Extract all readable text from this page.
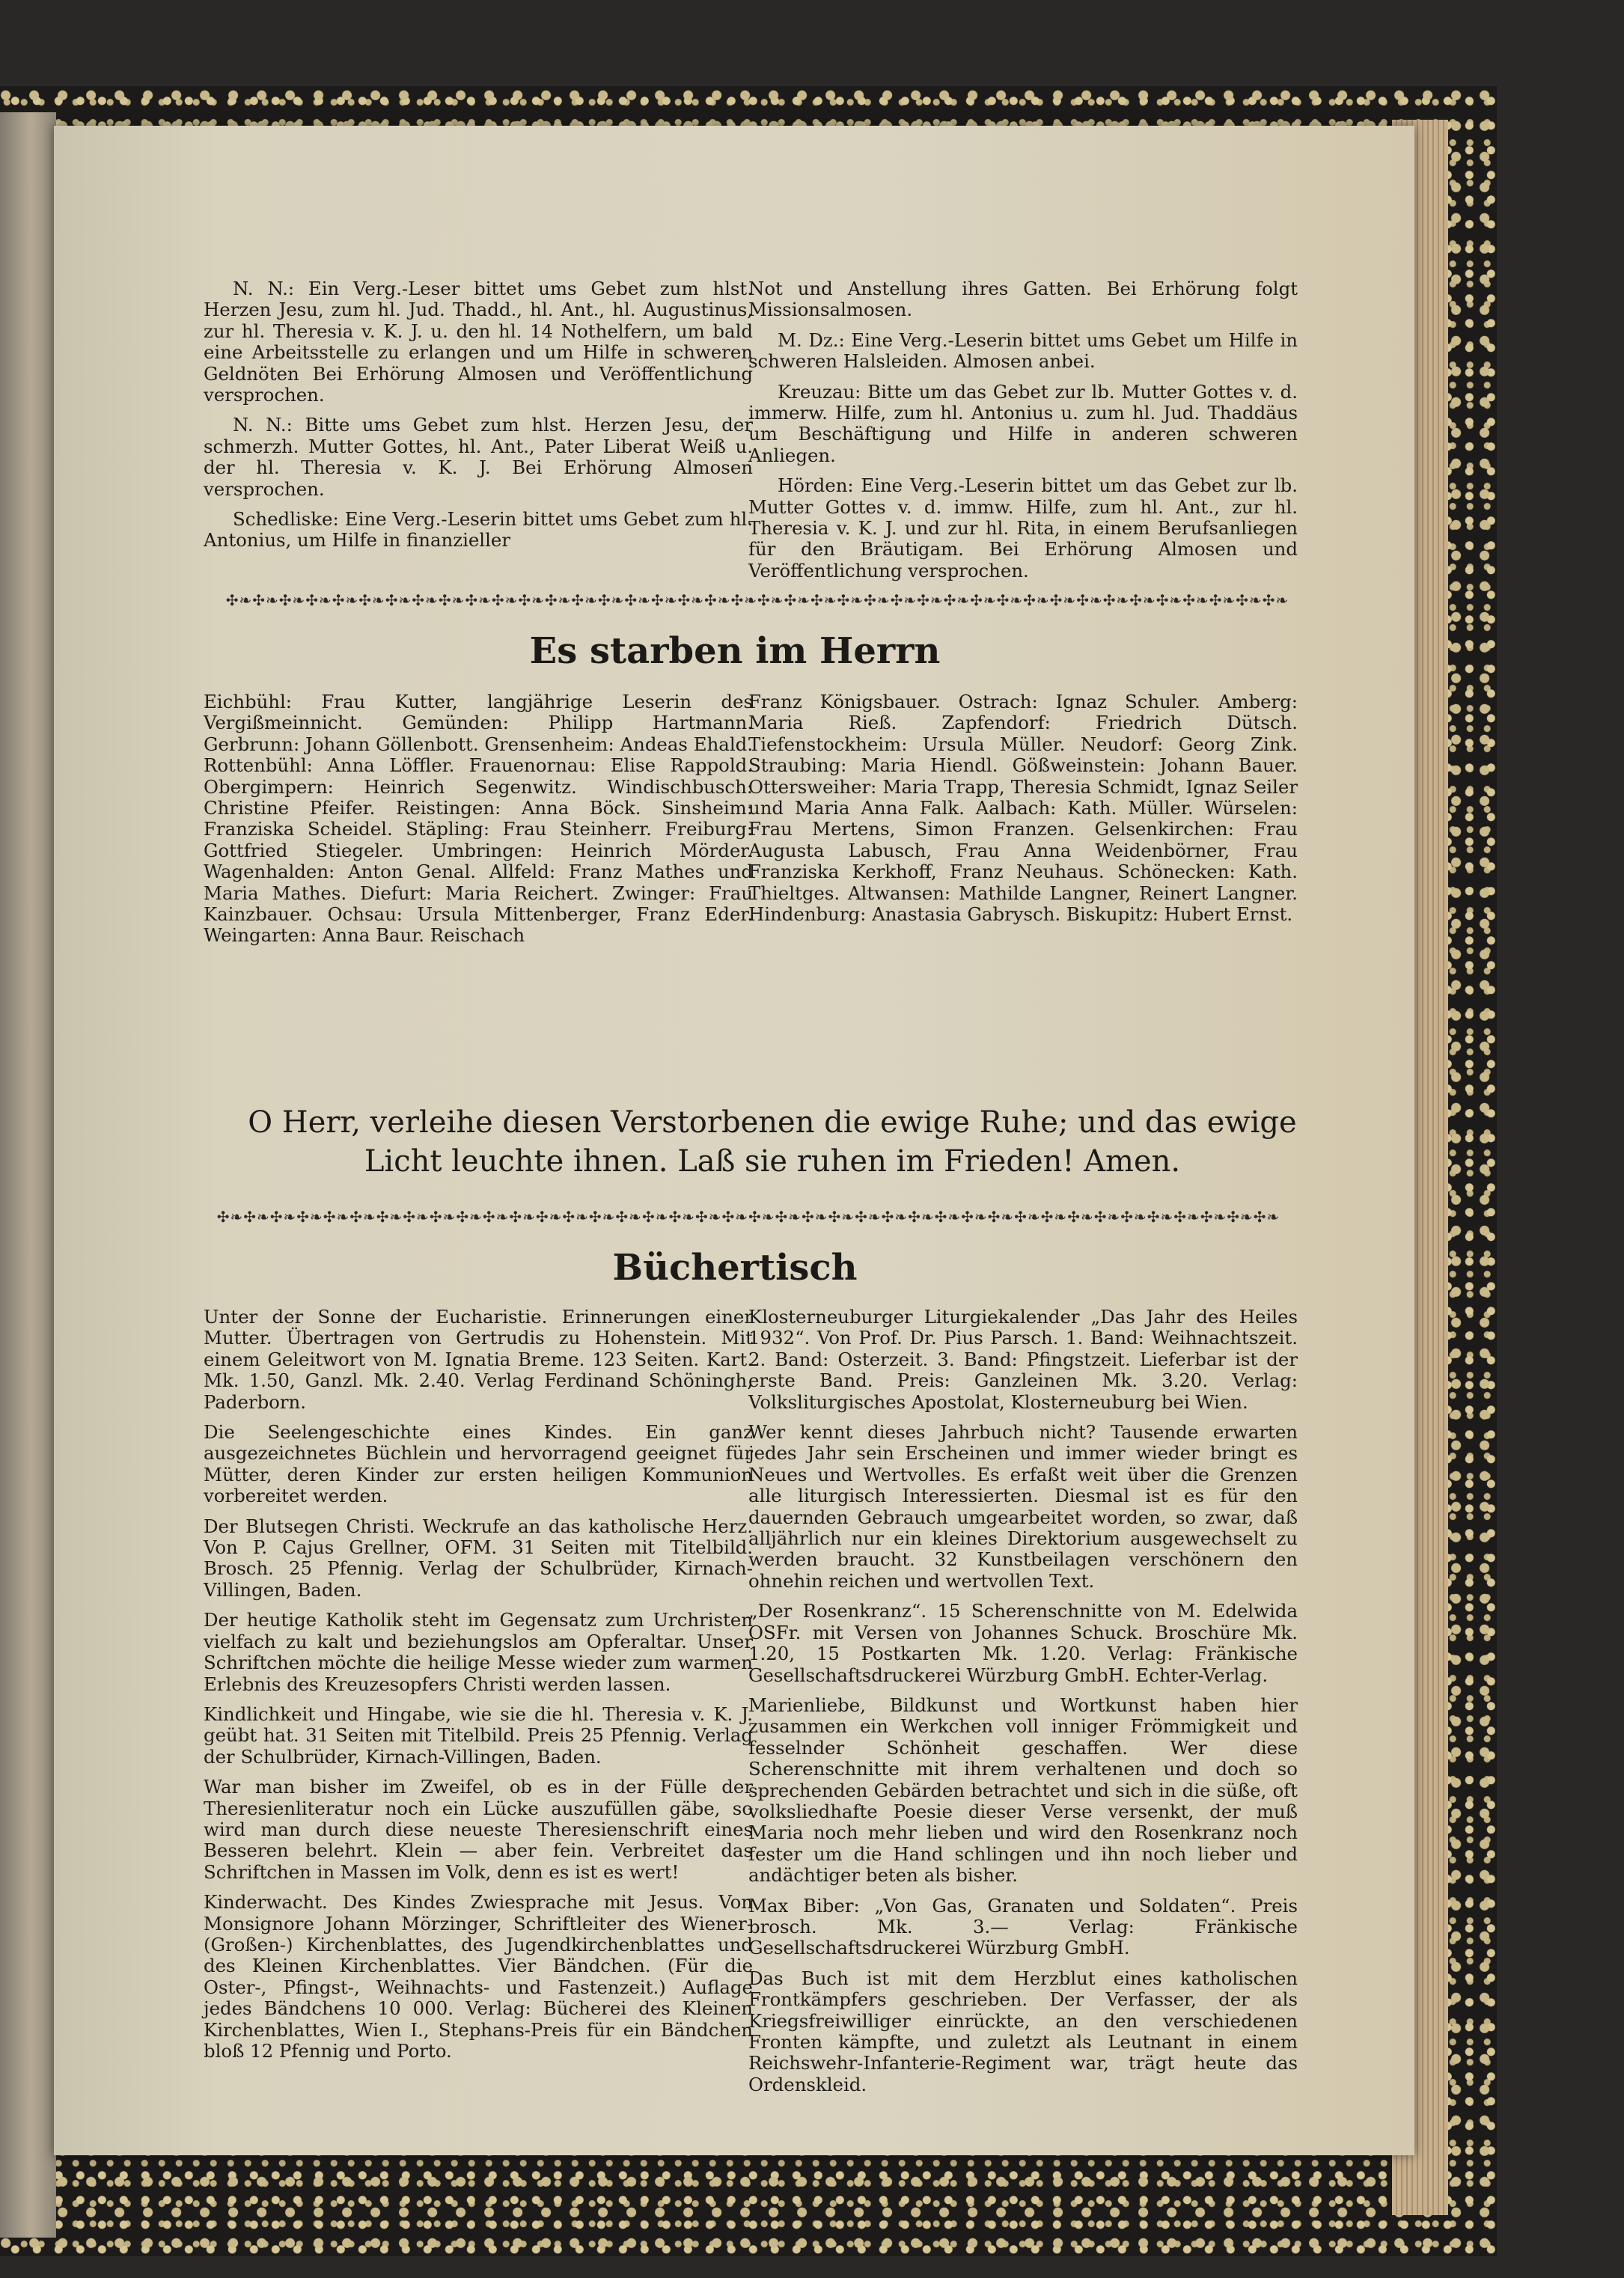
N. N.: Ein Verg.-Leser bittet ums Gebet zum hlst. Herzen Jesu, zum hl. Jud. Thadd., hl. Ant., hl. Augustinus, zur hl. Theresia v. K. J. u. den hl. 14 Nothelfern, um bald eine Arbeitsstelle zu erlangen und um Hilfe in schweren Geldnöten Bei Erhörung Almosen und Veröffentlichung versprochen.

N. N.: Bitte ums Gebet zum hlst. Herzen Jesu, der schmerzh. Mutter Gottes, hl. Ant., Pater Liberat Weiß u. der hl. Theresia v. K. J. Bei Erhörung Almosen versprochen.

Schedliske: Eine Verg.-Leserin bittet ums Gebet zum hl. Antonius, um Hilfe in finanzieller

Not und Anstellung ihres Gatten. Bei Erhörung folgt Missionsalmosen.

M. Dz.: Eine Verg.-Leserin bittet ums Gebet um Hilfe in schweren Halsleiden. Almosen anbei.

Kreuzau: Bitte um das Gebet zur lb. Mutter Gottes v. d. immerw. Hilfe, zum hl. Antonius u. zum hl. Jud. Thaddäus um Beschäftigung und Hilfe in anderen schweren Anliegen.

Hörden: Eine Verg.-Leserin bittet um das Gebet zur lb. Mutter Gottes v. d. immw. Hilfe, zum hl. Ant., zur hl. Theresia v. K. J. und zur hl. Rita, in einem Berufsanliegen für den Bräutigam. Bei Erhörung Almosen und Veröffentlichung versprochen.

✣❧✣❧✣❧✣❧✣❧✣❧✣❧✣❧✣❧✣❧✣❧✣❧✣❧✣❧✣❧✣❧✣❧✣❧✣❧✣❧✣❧✣❧✣❧✣❧✣❧✣❧✣❧✣❧✣❧✣❧✣❧✣❧✣❧✣❧✣❧✣❧✣❧✣❧✣❧✣❧
Es starben im Herrn

Eichbühl: Frau Kutter, langjährige Leserin des Vergißmeinnicht. Gemünden: Philipp Hartmann. Gerbrunn: Johann Göllenbott. Grensenheim: Andeas Ehald. Rottenbühl: Anna Löffler. Frauenornau: Elise Rappold. Obergimpern: Heinrich Segenwitz. Windischbusch: Christine Pfeifer. Reistingen: Anna Böck. Sinsheim: Franziska Scheidel. Stäpling: Frau Steinherr. Freiburg: Gottfried Stiegeler. Umbringen: Heinrich Mörder. Wagenhalden: Anton Genal. Allfeld: Franz Mathes und Maria Mathes. Diefurt: Maria Reichert. Zwinger: Frau Kainzbauer. Ochsau: Ursula Mittenberger, Franz Eder. Weingarten: Anna Baur. Reischach

Franz Königsbauer. Ostrach: Ignaz Schuler. Amberg: Maria Rieß. Zapfendorf: Friedrich Dütsch. Tiefenstockheim: Ursula Müller. Neudorf: Georg Zink. Straubing: Maria Hiendl. Gößweinstein: Johann Bauer. Ottersweiher: Maria Trapp, Theresia Schmidt, Ignaz Seiler und Maria Anna Falk. Aalbach: Kath. Müller. Würselen: Frau Mertens, Simon Franzen. Gelsenkirchen: Frau Augusta Labusch, Frau Anna Weidenbörner, Frau Franziska Kerkhoff, Franz Neuhaus. Schönecken: Kath. Thieltges. Altwansen: Mathilde Langner, Reinert Langner. Hindenburg: Anastasia Gabrysch. Biskupitz: Hubert Ernst.

O Herr, verleihe diesen Verstorbenen die ewige Ruhe; und das ewige Licht leuchte ihnen. Laß sie ruhen im Frieden! Amen.
✣❧✣❧✣❧✣❧✣❧✣❧✣❧✣❧✣❧✣❧✣❧✣❧✣❧✣❧✣❧✣❧✣❧✣❧✣❧✣❧✣❧✣❧✣❧✣❧✣❧✣❧✣❧✣❧✣❧✣❧✣❧✣❧✣❧✣❧✣❧✣❧✣❧✣❧✣❧✣❧
Büchertisch

Unter der Sonne der Eucharistie. Erinnerungen einer Mutter. Übertragen von Gertrudis zu Hohenstein. Mit einem Geleitwort von M. Ignatia Breme. 123 Seiten. Kart. Mk. 1.50, Ganzl. Mk. 2.40. Verlag Ferdinand Schöningh, Paderborn.

Die Seelengeschichte eines Kindes. Ein ganz ausgezeichnetes Büchlein und hervorragend geeignet für Mütter, deren Kinder zur ersten heiligen Kommunion vorbereitet werden.

Der Blutsegen Christi. Weckrufe an das katholische Herz. Von P. Cajus Grellner, OFM. 31 Seiten mit Titelbild. Brosch. 25 Pfennig. Verlag der Schulbrüder, Kirnach-Villingen, Baden.

Der heutige Katholik steht im Gegensatz zum Urchristen vielfach zu kalt und beziehungslos am Opferaltar. Unser Schriftchen möchte die heilige Messe wieder zum warmen Erlebnis des Kreuzesopfers Christi werden lassen.

Kindlichkeit und Hingabe, wie sie die hl. Theresia v. K. J. geübt hat. 31 Seiten mit Titelbild. Preis 25 Pfennig. Verlag der Schulbrüder, Kirnach-Villingen, Baden.

War man bisher im Zweifel, ob es in der Fülle der Theresienliteratur noch ein Lücke auszufüllen gäbe, so wird man durch diese neueste Theresienschrift eines Besseren belehrt. Klein — aber fein. Verbreitet das Schriftchen in Massen im Volk, denn es ist es wert!

Kinderwacht. Des Kindes Zwiesprache mit Jesus. Von Monsignore Johann Mörzinger, Schriftleiter des Wiener-(Großen-) Kirchenblattes, des Jugendkirchenblattes und des Kleinen Kirchenblattes. Vier Bändchen. (Für die Oster-, Pfingst-, Weihnachts- und Fastenzeit.) Auflage jedes Bändchens 10 000. Verlag: Bücherei des Kleinen Kirchenblattes, Wien I., Stephans-Preis für ein Bändchen bloß 12 Pfennig und Porto.

Klosterneuburger Liturgiekalender „Das Jahr des Heiles 1932“. Von Prof. Dr. Pius Parsch. 1. Band: Weihnachtszeit. 2. Band: Osterzeit. 3. Band: Pfingstzeit. Lieferbar ist der erste Band. Preis: Ganzleinen Mk. 3.20. Verlag: Volksliturgisches Apostolat, Klosterneuburg bei Wien.

Wer kennt dieses Jahrbuch nicht? Tausende erwarten jedes Jahr sein Erscheinen und immer wieder bringt es Neues und Wertvolles. Es erfaßt weit über die Grenzen alle liturgisch Interessierten. Diesmal ist es für den dauernden Gebrauch umgearbeitet worden, so zwar, daß alljährlich nur ein kleines Direktorium ausgewechselt zu werden braucht. 32 Kunstbeilagen verschönern den ohnehin reichen und wertvollen Text.

„Der Rosenkranz“. 15 Scherenschnitte von M. Edelwida OSFr. mit Versen von Johannes Schuck. Broschüre Mk. 1.20, 15 Postkarten Mk. 1.20. Verlag: Fränkische Gesellschaftsdruckerei Würzburg GmbH. Echter-Verlag.

Marienliebe, Bildkunst und Wortkunst haben hier zusammen ein Werkchen voll inniger Frömmigkeit und fesselnder Schönheit geschaffen. Wer diese Scherenschnitte mit ihrem verhaltenen und doch so sprechenden Gebärden betrachtet und sich in die süße, oft volksliedhafte Poesie dieser Verse versenkt, der muß Maria noch mehr lieben und wird den Rosenkranz noch fester um die Hand schlingen und ihn noch lieber und andächtiger beten als bisher.

Max Biber: „Von Gas, Granaten und Soldaten“. Preis brosch. Mk. 3.— Verlag: Fränkische Gesellschaftsdruckerei Würzburg GmbH.

Das Buch ist mit dem Herzblut eines katholischen Frontkämpfers geschrieben. Der Verfasser, der als Kriegsfreiwilliger einrückte, an den verschiedenen Fronten kämpfte, und zuletzt als Leutnant in einem Reichswehr-Infanterie-Regiment war, trägt heute das Ordenskleid.
